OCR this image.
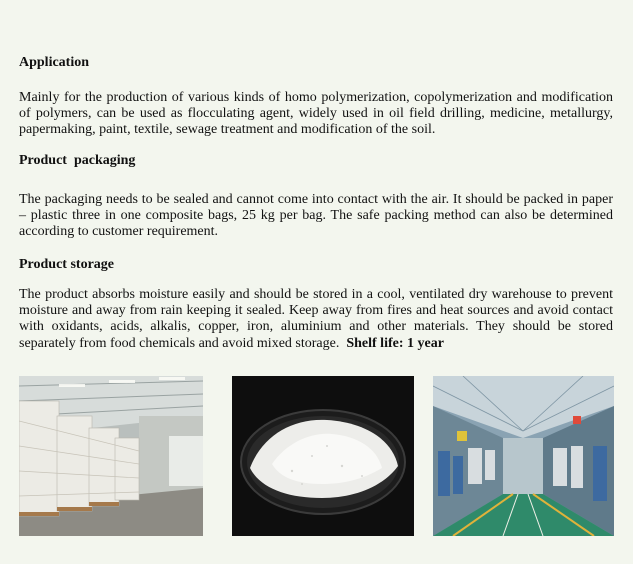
Application

Mainly for the production of various kinds of homo polymerization, copolymerization and modification of polymers, can be used as flocculating agent, widely used in oil field drilling, medicine, metallurgy, papermaking, paint, textile, sewage treatment and modification of the soil.

Product  packaging

The packaging needs to be sealed and cannot come into contact with the air. It should be packed in paper – plastic three in one composite bags, 25 kg per bag. The safe packing method can also be determined according to customer requirement.

Product storage

The product absorbs moisture easily and should be stored in a cool, ventilated dry warehouse to prevent moisture and away from rain keeping it sealed. Keep away from fires and heat sources and avoid contact with oxidants, acids, alkalis, copper, iron, aluminium and other materials. They should be stored separately from food chemicals and avoid mixed storage. Shelf life: 1 year
